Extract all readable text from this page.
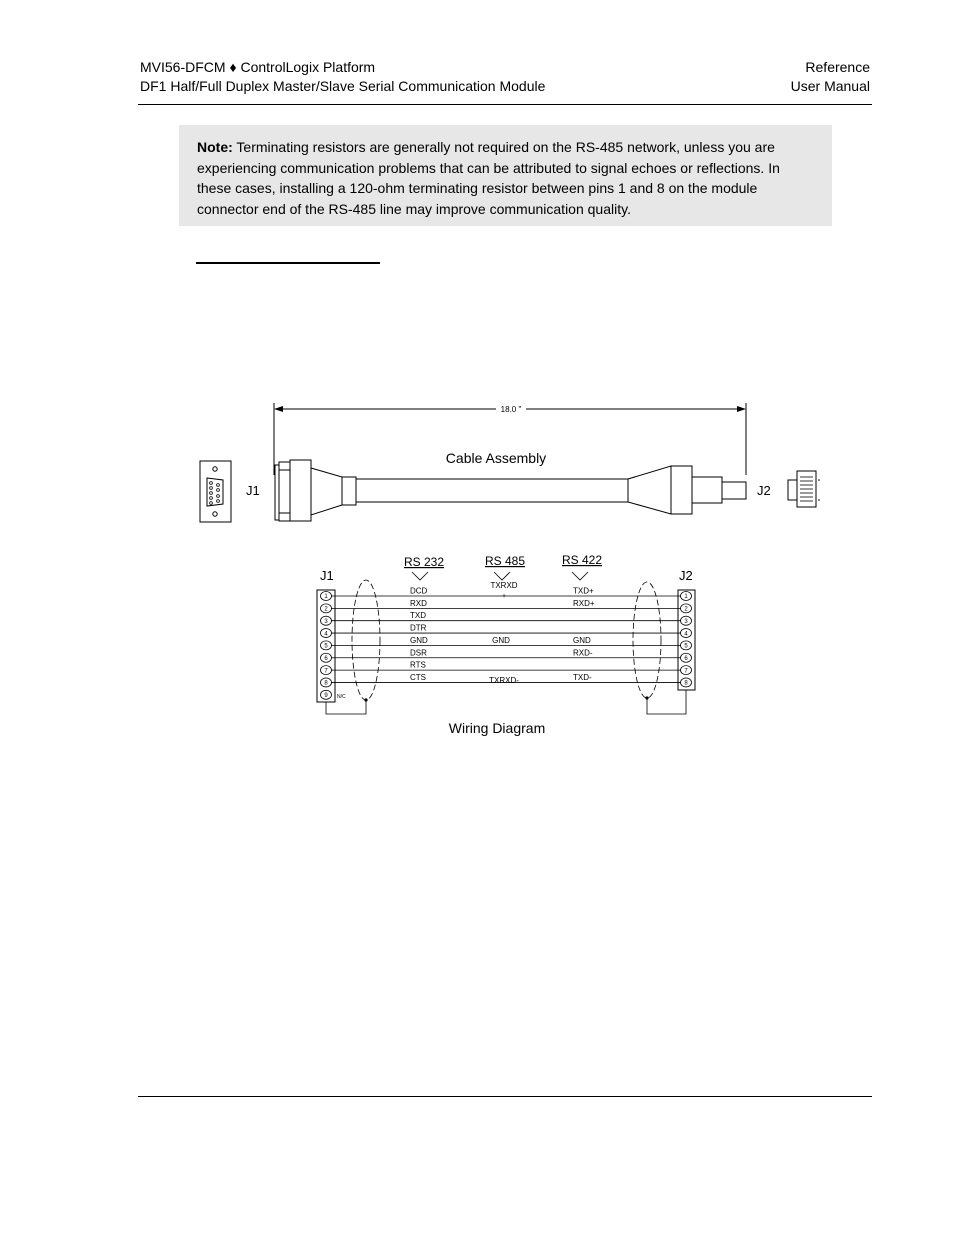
MVI56-DFCM ♦ ControlLogix Platform
DF1 Half/Full Duplex Master/Slave Serial Communication Module
Reference
User Manual
Note: Terminating resistors are generally not required on the RS-485 network, unless you are experiencing communication problems that can be attributed to signal echoes or reflections. In these cases, installing a 120-ohm terminating resistor between pins 1 and 8 on the module connector end of the RS-485 line may improve communication quality.
18.0 "
Cable Assembly
J1	J2
J1	J2
RS 232	RS 485	RS 422
TXRXD
+
1
2
3
4
5
6
7
8
9
1
2
3
4
5
6
7
8
N/C
DCD
RXD
TXD
DTR
GND
DSR
RTS
CTS
GND
TXRXD-
TXD+
RXD+
GND
RXD-
TXD-
Wiring Diagram
